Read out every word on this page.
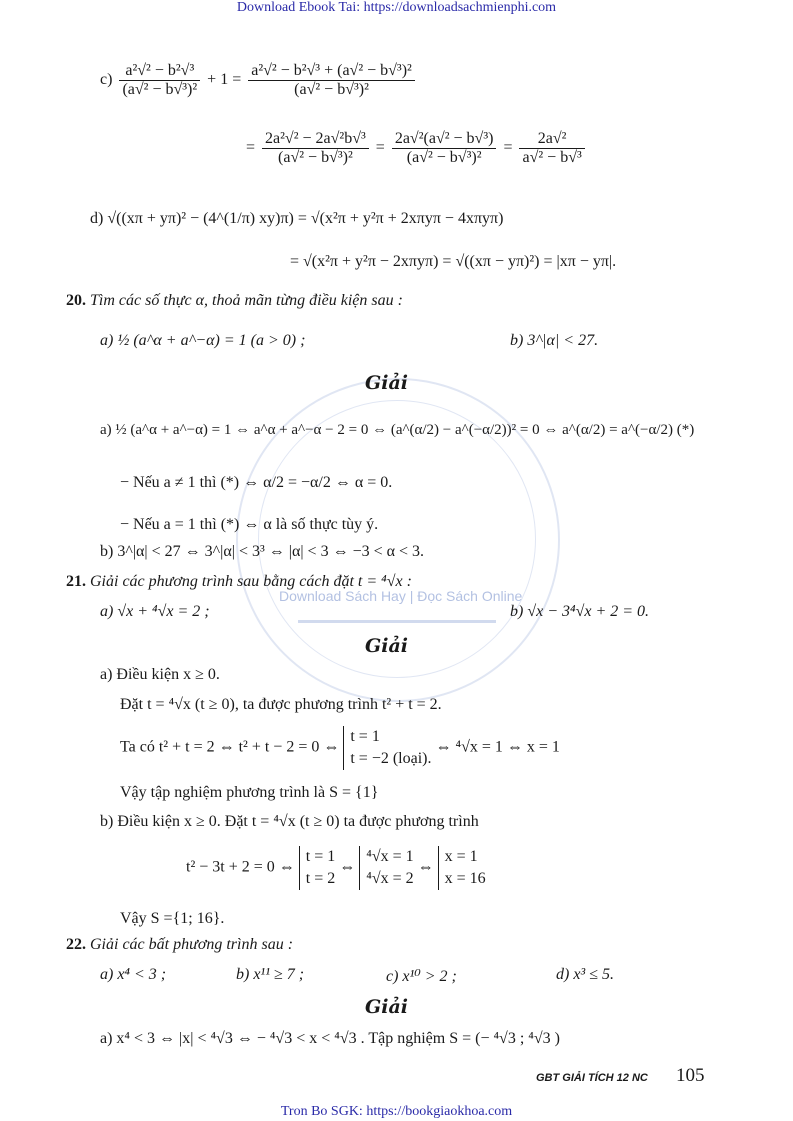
Download Ebook Tai: https://downloadsachmienphi.com
Download Sách Hay | Đọc Sách Online
$c) \frac{\text{a²√² − b²√³}}{\text{(a√² − b√³)²}} + 1 = \frac{\text{a²√² − b²√³ + (a√² − b√³)²}}{\text{(a√² − b√³)²}}$
= $\frac{\text{2a²√² − 2a√²b√³}}{\text{(a√² − b√³)²}} = \frac{\text{2a√²(a√² − b√³)}}{\text{(a√² − b√³)²}} = \frac{\text{2a√²}}{\text{a√² − b√³}}$
d) √((xπ + yπ)² − (4^(1/π) xy)π) = √(x²π + y²π + 2xπyπ − 4xπyπ)
= √(x²π + y²π − 2xπyπ) = √((xπ − yπ)²) = |xπ − yπ|.
20. Tìm các số thực α, thoả mãn từng điều kiện sau :
a) ½ (a^α + a^−α) = 1 (a > 0) ;	b) 3^|α| < 27.
Giải
a) ½ (a^α + a^−α) = 1 ⇔ a^α + a^−α − 2 = 0 ⇔ (a^(α/2) − a^(−α/2))² = 0 ⇔ a^(α/2) = a^(−α/2) (*)
− Nếu a ≠ 1 thì (*) ⇔ α/2 = −α/2 ⇔ α = 0.
− Nếu a = 1 thì (*) ⇔ α là số thực tùy ý.
b) 3^|α| < 27 ⇔ 3^|α| < 3³ ⇔ |α| < 3 ⇔ −3 < α < 3.
21. Giải các phương trình sau bằng cách đặt t = ⁴√x :
a) √x + ⁴√x = 2 ;	b) √x − 3⁴√x + 2 = 0.
Giải
a) Điều kiện x ≥ 0.
Đặt t = ⁴√x (t ≥ 0), ta được phương trình t² + t = 2.
Ta có t² + t = 2 ⇔ t² + t − 2 = 0 ⇔ t = 1
t = −2 (loại). ⇔ ⁴√x = 1 ⇔ x = 1
Vậy tập nghiệm phương trình là S = {1}
b) Điều kiện x ≥ 0. Đặt t = ⁴√x (t ≥ 0) ta được phương trình
t² − 3t + 2 = 0 ⇔ t = 1
t = 2 ⇔ ⁴√x = 1
⁴√x = 2 ⇔ x = 1
x = 16
Vậy S ={1; 16}.
22. Giải các bất phương trình sau :
a) x⁴ < 3 ;	b) x¹¹ ≥ 7 ;	c) x¹⁰ > 2 ;	d) x³ ≤ 5.
Giải
a) x⁴ < 3 ⇔ |x| < ⁴√3 ⇔ − ⁴√3 < x < ⁴√3 . Tập nghiệm S = (− ⁴√3 ; ⁴√3 )
GBT GIẢI TÍCH 12 NC 105
Tron Bo SGK: https://bookgiaokhoa.com
